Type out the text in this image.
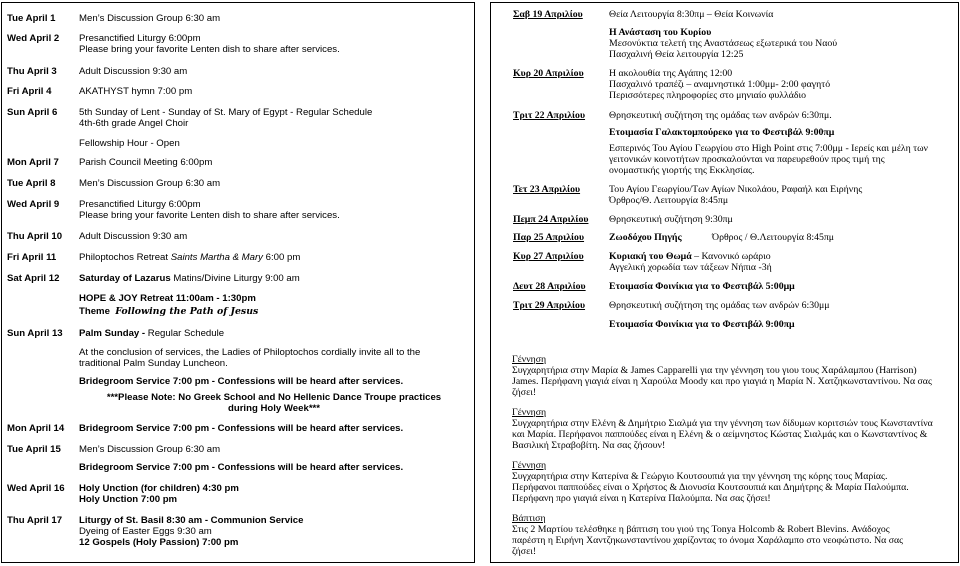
Tue April 1 Men’s Discussion Group 6:30 am
Wed April 2 Presanctified Liturgy 6:00pm
Please bring your favorite Lenten dish to share after services.
Thu April 3 Adult Discussion 9:30 am
Fri April 4	AKATHYST hymn 7:00 pm
Sun April 6 5th Sunday of Lent - Sunday of St. Mary of Egypt - Regular Schedule
4th-6th grade Angel Choir
Fellowship Hour - Open
Mon April 7 Parish Council Meeting 6:00pm
Tue April 8 Men’s Discussion Group 6:30 am
Wed April 9 Presanctified Liturgy 6:00pm
Please bring your favorite Lenten dish to share after services.
Thu April 10 Adult Discussion 9:30 am
Fri April 11 Philoptochos Retreat Saints Martha & Mary 6:00 pm
Sat April 12 Saturday of Lazarus Matins/Divine Liturgy 9:00 am
HOPE & JOY Retreat 11:00am - 1:30pm
Theme Following the Path of Jesus
Sun April 13 Palm Sunday - Regular Schedule
At the conclusion of services, the Ladies of Philoptochos cordially invite all to the
traditional Palm Sunday Luncheon.
Bridegroom Service 7:00 pm - Confessions will be heard after services.
***Please Note: No Greek School and No Hellenic Dance Troupe practices
during Holy Week***
Mon April 14 Bridegroom Service 7:00 pm - Confessions will be heard after services.
Tue April 15 Men’s Discussion Group 6:30 am
Bridegroom Service 7:00 pm - Confessions will be heard after services.
Wed April 16 Holy Unction (for children) 4:30 pm
Holy Unction 7:00 pm
Thu April 17 Liturgy of St. Basil 8:30 am - Communion Service
Dyeing of Easter Eggs 9:30 am
12 Gospels (Holy Passion) 7:00 pm
Σαβ 19 Απριλίου	Θεία Λειτουργία 8:30πμ – Θεία Κοινωνία
Η Ανάσταση του Κυρίου
Μεσονύκτια τελετή της Αναστάσεως εξωτερικά του Ναού
Πασχαλινή Θεία λειτουργία 12:25
Κυρ 20 Απριλίου	Η ακολουθία της Αγάπης 12:00
Πασχαλινό τραπέζι – αναμνηστικά 1:00μμ- 2:00 φαγητό
Περισσότερες πληροφορίες στο μηνιαίο φυλλάδιο
Τριτ 22 Απριλίου Θρησκευτική συζήτηση της ομάδας των ανδρών 6:30πμ.
Ετοιμασία Γαλακτομπούρεκο για το Φεστιβάλ 9:00πμ
Εσπερινός Του Αγίου Γεωργίου στο High Point στις 7:00μμ - Ιερείς και μέλη των
γειτονικών κοινοτήτων προσκαλούνται να παρευρεθούν προς τιμή της
ονομαστικής γιορτής της Εκκλησίας.
Τετ 23 Απριλίου	Του Αγίου Γεωργίου/Των Αγίων Νικολάου, Ραφαήλ και Ειρήνης
Όρθρος/Θ. Λειτουργία 8:45πμ
Πεμπ 24 Απριλίου Θρησκευτική συζήτηση 9:30πμ
Παρ 25 Απριλίου	Ζωοδόχου Πηγής	Όρθρος / Θ.Λειτουργία 8:45πμ
Κυρ 27 Απριλίου	Κυριακή του Θωμά – Κανονικό ωράριο
Αγγελική χορωδία των τάξεων Νήπια -3ή
Δευτ 28 Απριλίου Ετοιμασία Φοινίκια για το Φεστιβάλ 5:00μμ
Τριτ 29 Απριλίου Θρησκευτική συζήτηση της ομάδας των ανδρών 6:30μμ
Ετοιμασία Φοινίκια για το Φεστιβάλ 9:00πμ
Γέννηση
Συγχαρητήρια στην Μαρία & James Capparelli για την γέννηση του γιου τους Χαράλαμπου (Harrison)
James. Περήφανη γιαγιά είναι η Χαρούλα Moody και προ γιαγιά η Μαρία Ν. Χατζηκωνσταντίνου. Να σας
ζήσει!
Γέννηση
Συγχαρητήρια στην Ελένη & Δημήτριο Σιαλμά για την γέννηση των δίδυμων κοριτσιών τους Κωνσταντίνα
και Μαρία. Περήφανοι παππούδες είναι η Ελένη & ο αείμνηστος Κώστας Σιαλμάς και ο Κωνσταντίνος &
Βασιλική Στραβοβίτη. Να σας ζήσουν!
Γέννηση
Συγχαρητήρια στην Κατερίνα & Γεώργιο Κουτσουπιά για την γέννηση της κόρης τους Μαρίας.
Περήφανοι παππούδες είναι ο Χρήστος & Διονυσία Κουτσουπιά και Δημήτρης & Μαρία Παλούμπα.
Περήφανη προ γιαγιά είναι η Κατερίνα Παλούμπα. Να σας ζήσει!
Βάπτιση
Στις 2 Μαρτίου τελέσθηκε η βάπτιση του γιού της Tonya Holcomb & Robert Blevins. Ανάδοχος
παρέστη η Ειρήνη Χαντζηκωνσταντίνου χαρίζοντας το όνομα Χαράλαμπο στο νεοφώτιστο. Να σας
ζήσει!
